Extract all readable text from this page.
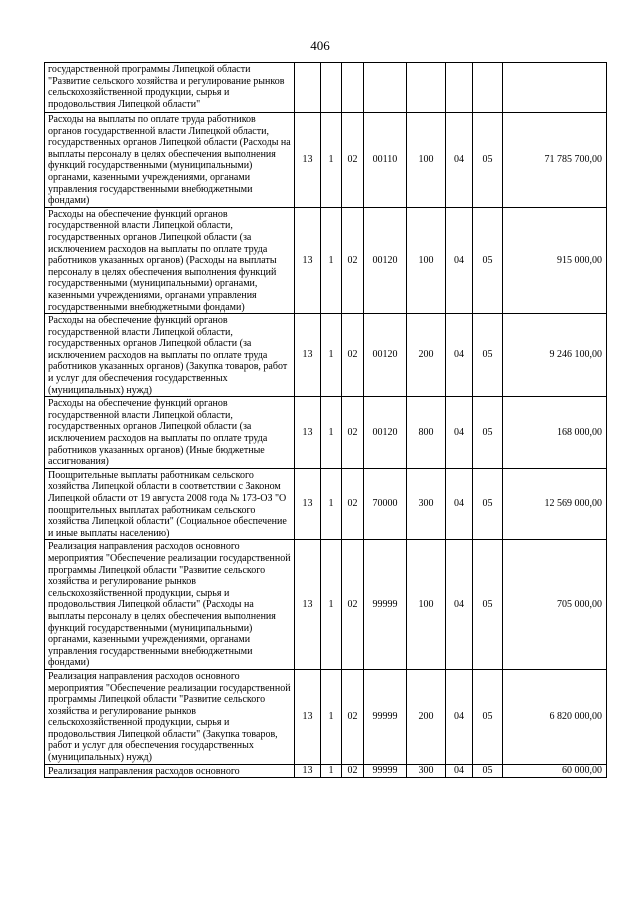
406
государственной программы Липецкой области "Развитие сельского хозяйства и регулирование рынков сельскохозяйственной продукции, сырья и продовольствия Липецкой области"								
Расходы на выплаты по оплате труда работников органов государственной власти Липецкой области, государственных органов Липецкой области (Расходы на выплаты персоналу в целях обеспечения выполнения функций государственными (муниципальными) органами, казенными учреждениями, органами управления государственными внебюджетными фондами)	13	1	02	00110	100	04	05	71 785 700,00
Расходы на обеспечение функций органов государственной власти Липецкой области, государственных органов Липецкой области (за исключением расходов на выплаты по оплате труда работников указанных органов) (Расходы на выплаты персоналу в целях обеспечения выполнения функций государственными (муниципальными) органами, казенными учреждениями, органами управления государственными внебюджетными фондами)	13	1	02	00120	100	04	05	915 000,00
Расходы на обеспечение функций органов государственной власти Липецкой области, государственных органов Липецкой области (за исключением расходов на выплаты по оплате труда работников указанных органов) (Закупка товаров, работ и услуг для обеспечения государственных (муниципальных) нужд)	13	1	02	00120	200	04	05	9 246 100,00
Расходы на обеспечение функций органов государственной власти Липецкой области, государственных органов Липецкой области (за исключением расходов на выплаты по оплате труда работников указанных органов) (Иные бюджетные ассигнования)	13	1	02	00120	800	04	05	168 000,00
Поощрительные выплаты работникам сельского хозяйства Липецкой области в соответствии с Законом Липецкой области от 19 августа 2008 года № 173-ОЗ "О поощрительных выплатах работникам сельского хозяйства Липецкой области" (Социальное обеспечение и иные выплаты населению)	13	1	02	70000	300	04	05	12 569 000,00
Реализация направления расходов основного мероприятия "Обеспечение реализации государственной программы Липецкой области "Развитие сельского хозяйства и регулирование рынков сельскохозяйственной продукции, сырья и продовольствия Липецкой области" (Расходы на выплаты персоналу в целях обеспечения выполнения функций государственными (муниципальными) органами, казенными учреждениями, органами управления государственными внебюджетными фондами)	13	1	02	99999	100	04	05	705 000,00
Реализация направления расходов основного мероприятия "Обеспечение реализации государственной программы Липецкой области "Развитие сельского хозяйства и регулирование рынков сельскохозяйственной продукции, сырья и продовольствия Липецкой области" (Закупка товаров, работ и услуг для обеспечения государственных (муниципальных) нужд)	13	1	02	99999	200	04	05	6 820 000,00
Реализация направления расходов основного	13	1	02	99999	300	04	05	60 000,00
